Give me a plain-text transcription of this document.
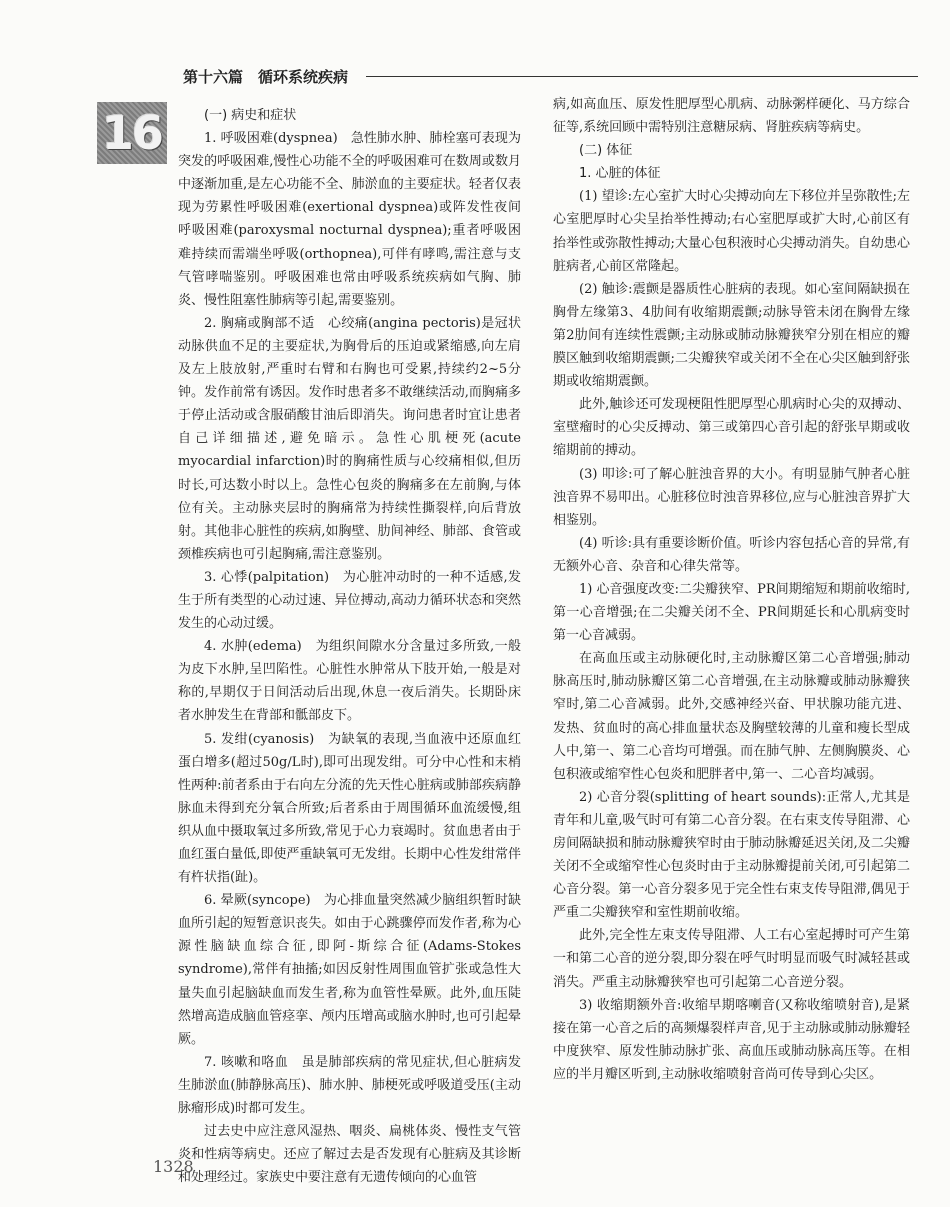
第十六篇　循环系统疾病
16	(一) 病史和症状

1. 呼吸困难(dyspnea)　急性肺水肿、肺栓塞可表现为突发的呼吸困难,慢性心功能不全的呼吸困难可在数周或数月中逐渐加重,是左心功能不全、肺淤血的主要症状。轻者仅表现为劳累性呼吸困难(exertional dyspnea)或阵发性夜间呼吸困难(paroxysmal nocturnal dyspnea);重者呼吸困难持续而需端坐呼吸(orthopnea),可伴有哮鸣,需注意与支气管哮喘鉴别。呼吸困难也常由呼吸系统疾病如气胸、肺炎、慢性阻塞性肺病等引起,需要鉴别。

2. 胸痛或胸部不适　心绞痛(angina pectoris)是冠状动脉供血不足的主要症状,为胸骨后的压迫或紧缩感,向左肩及左上肢放射,严重时右臂和右胸也可受累,持续约2~5分钟。发作前常有诱因。发作时患者多不敢继续活动,而胸痛多于停止活动或含服硝酸甘油后即消失。询问患者时宜让患者自己详细描述,避免暗示。急性心肌梗死(acute myocardial infarction)时的胸痛性质与心绞痛相似,但历时长,可达数小时以上。急性心包炎的胸痛多在左前胸,与体位有关。主动脉夹层时的胸痛常为持续性撕裂样,向后背放射。其他非心脏性的疾病,如胸壁、肋间神经、肺部、食管或颈椎疾病也可引起胸痛,需注意鉴别。

3. 心悸(palpitation)　为心脏冲动时的一种不适感,发生于所有类型的心动过速、异位搏动,高动力循环状态和突然发生的心动过缓。

4. 水肿(edema)　为组织间隙水分含量过多所致,一般为皮下水肿,呈凹陷性。心脏性水肿常从下肢开始,一般是对称的,早期仅于日间活动后出现,休息一夜后消失。长期卧床者水肿发生在背部和骶部皮下。

5. 发绀(cyanosis)　为缺氧的表现,当血液中还原血红蛋白增多(超过50g/L时),即可出现发绀。可分中心性和末梢性两种:前者系由于右向左分流的先天性心脏病或肺部疾病静脉血未得到充分氧合所致;后者系由于周围循环血流缓慢,组织从血中摄取氧过多所致,常见于心力衰竭时。贫血患者由于血红蛋白量低,即使严重缺氧可无发绀。长期中心性发绀常伴有杵状指(趾)。

6. 晕厥(syncope)　为心排血量突然减少脑组织暂时缺血所引起的短暂意识丧失。如由于心跳骤停而发作者,称为心源性脑缺血综合征,即阿-斯综合征(Adams-Stokes syndrome),常伴有抽搐;如因反射性周围血管扩张或急性大量失血引起脑缺血而发生者,称为血管性晕厥。此外,血压陡然增高造成脑血管痉挛、颅内压增高或脑水肿时,也可引起晕厥。

7. 咳嗽和咯血　虽是肺部疾病的常见症状,但心脏病发生肺淤血(肺静脉高压)、肺水肿、肺梗死或呼吸道受压(主动脉瘤形成)时都可发生。

过去史中应注意风湿热、咽炎、扁桃体炎、慢性支气管炎和性病等病史。还应了解过去是否发现有心脏病及其诊断和处理经过。家族史中要注意有无遗传倾向的心血管

病,如高血压、原发性肥厚型心肌病、动脉粥样硬化、马方综合征等,系统回顾中需特别注意糖尿病、肾脏疾病等病史。

(二) 体征

1. 心脏的体征

(1) 望诊:左心室扩大时心尖搏动向左下移位并呈弥散性;左心室肥厚时心尖呈抬举性搏动;右心室肥厚或扩大时,心前区有抬举性或弥散性搏动;大量心包积液时心尖搏动消失。自幼患心脏病者,心前区常隆起。

(2) 触诊:震颤是器质性心脏病的表现。如心室间隔缺损在胸骨左缘第3、4肋间有收缩期震颤;动脉导管未闭在胸骨左缘第2肋间有连续性震颤;主动脉或肺动脉瓣狭窄分别在相应的瓣膜区触到收缩期震颤;二尖瓣狭窄或关闭不全在心尖区触到舒张期或收缩期震颤。

此外,触诊还可发现梗阻性肥厚型心肌病时心尖的双搏动、室壁瘤时的心尖反搏动、第三或第四心音引起的舒张早期或收缩期前的搏动。

(3) 叩诊:可了解心脏浊音界的大小。有明显肺气肿者心脏浊音界不易叩出。心脏移位时浊音界移位,应与心脏浊音界扩大相鉴别。

(4) 听诊:具有重要诊断价值。听诊内容包括心音的异常,有无额外心音、杂音和心律失常等。

1) 心音强度改变:二尖瓣狭窄、PR间期缩短和期前收缩时,第一心音增强;在二尖瓣关闭不全、PR间期延长和心肌病变时第一心音减弱。

在高血压或主动脉硬化时,主动脉瓣区第二心音增强;肺动脉高压时,肺动脉瓣区第二心音增强,在主动脉瓣或肺动脉瓣狭窄时,第二心音减弱。此外,交感神经兴奋、甲状腺功能亢进、发热、贫血时的高心排血量状态及胸壁较薄的儿童和瘦长型成人中,第一、第二心音均可增强。而在肺气肿、左侧胸膜炎、心包积液或缩窄性心包炎和肥胖者中,第一、二心音均减弱。

2) 心音分裂(splitting of heart sounds):正常人,尤其是青年和儿童,吸气时可有第二心音分裂。在右束支传导阻滞、心房间隔缺损和肺动脉瓣狭窄时由于肺动脉瓣延迟关闭,及二尖瓣关闭不全或缩窄性心包炎时由于主动脉瓣提前关闭,可引起第二心音分裂。第一心音分裂多见于完全性右束支传导阻滞,偶见于严重二尖瓣狭窄和室性期前收缩。

此外,完全性左束支传导阻滞、人工右心室起搏时可产生第一和第二心音的逆分裂,即分裂在呼气时明显而吸气时减轻甚或消失。严重主动脉瓣狭窄也可引起第二心音逆分裂。

3) 收缩期额外音:收缩早期喀喇音(又称收缩喷射音),是紧接在第一心音之后的高频爆裂样声音,见于主动脉或肺动脉瓣轻中度狭窄、原发性肺动脉扩张、高血压或肺动脉高压等。在相应的半月瓣区听到,主动脉收缩喷射音尚可传导到心尖区。

1328
